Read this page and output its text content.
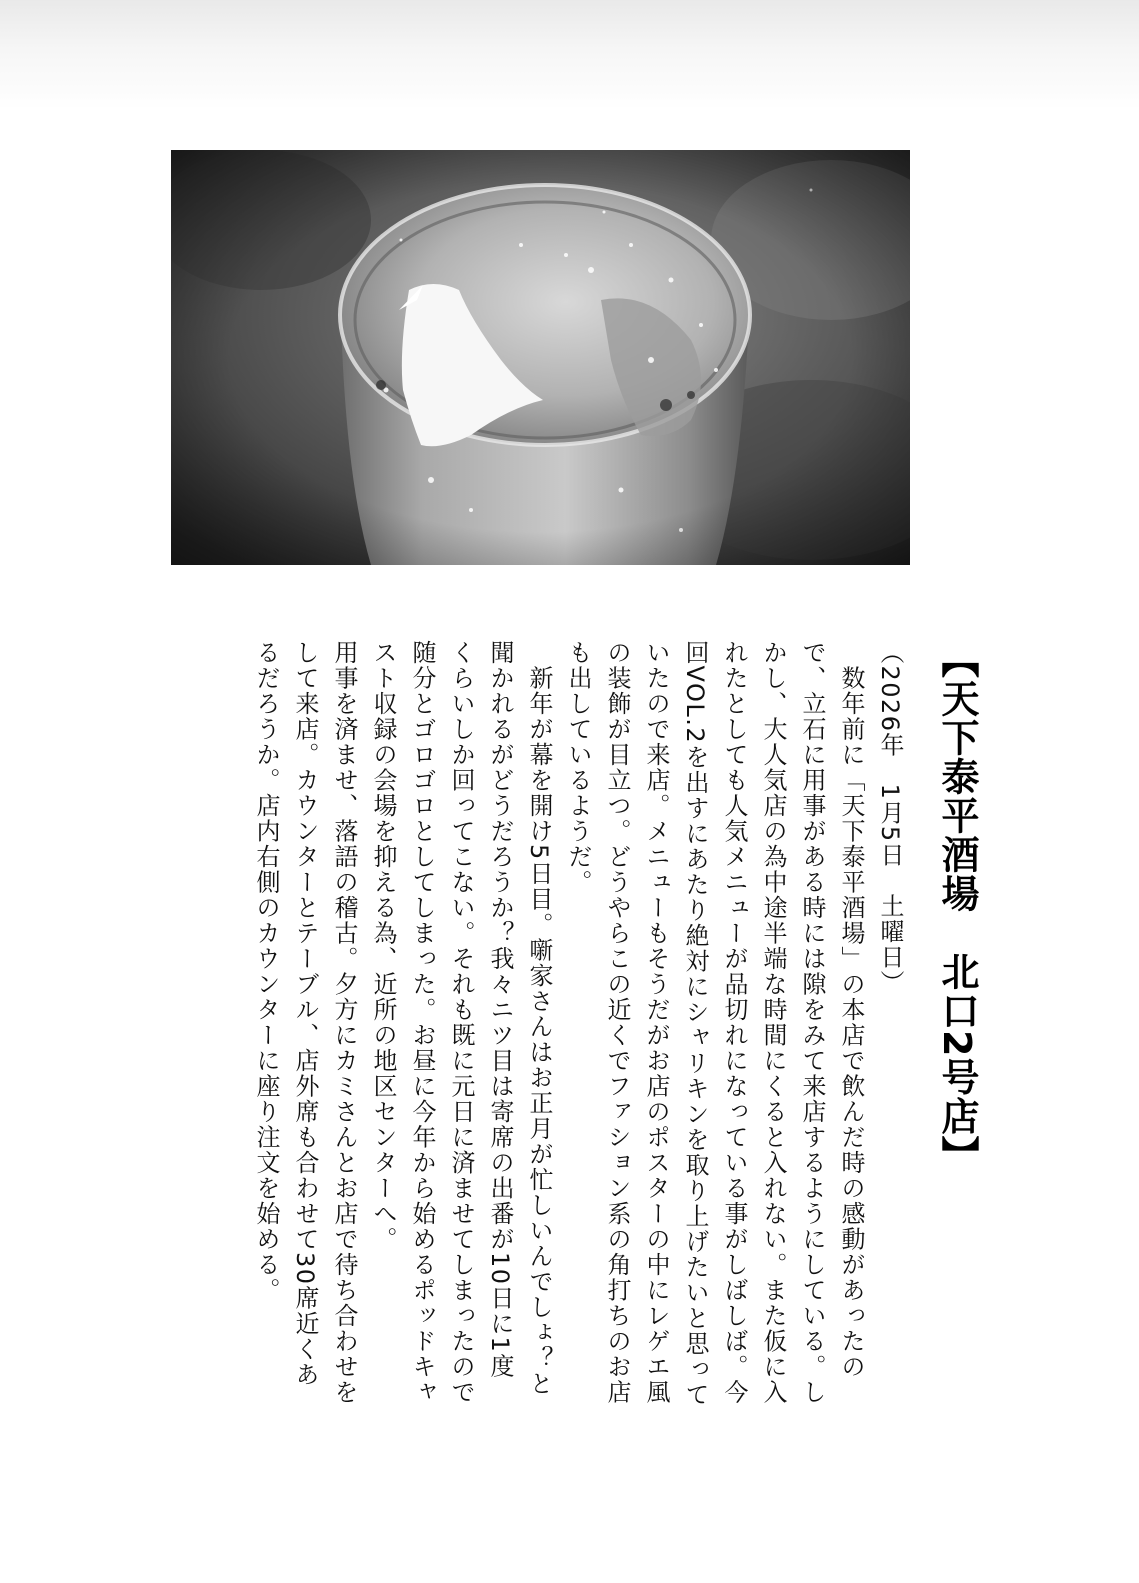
【天下泰平酒場　北口2号店】

（2026年　1月5日　土曜日）

　数年前に「天下泰平酒場」の本店で飲んだ時の感動があったの

で、立石に用事がある時には隙をみて来店するようにしている。し

かし、大人気店の為中途半端な時間にくると入れない。また仮に入

れたとしても人気メニューが品切れになっている事がしばしば。今

回VOL.2を出すにあたり絶対にシャリキンを取り上げたいと思って

いたので来店。メニューもそうだがお店のポスターの中にレゲエ風

の装飾が目立つ。どうやらこの近くでファション系の角打ちのお店

も出しているようだ。

　新年が幕を開け5日目。噺家さんはお正月が忙しいんでしょ？と

聞かれるがどうだろうか？我々ニツ目は寄席の出番が10日に1度

くらいしか回ってこない。それも既に元日に済ませてしまったので

随分とゴロゴロとしてしまった。お昼に今年から始めるポッドキャ

スト収録の会場を抑える為、近所の地区センターへ。

用事を済ませ、落語の稽古。夕方にカミさんとお店で待ち合わせを

して来店。カウンターとテーブル、店外席も合わせて30席近くあ

るだろうか。店内右側のカウンターに座り注文を始める。
